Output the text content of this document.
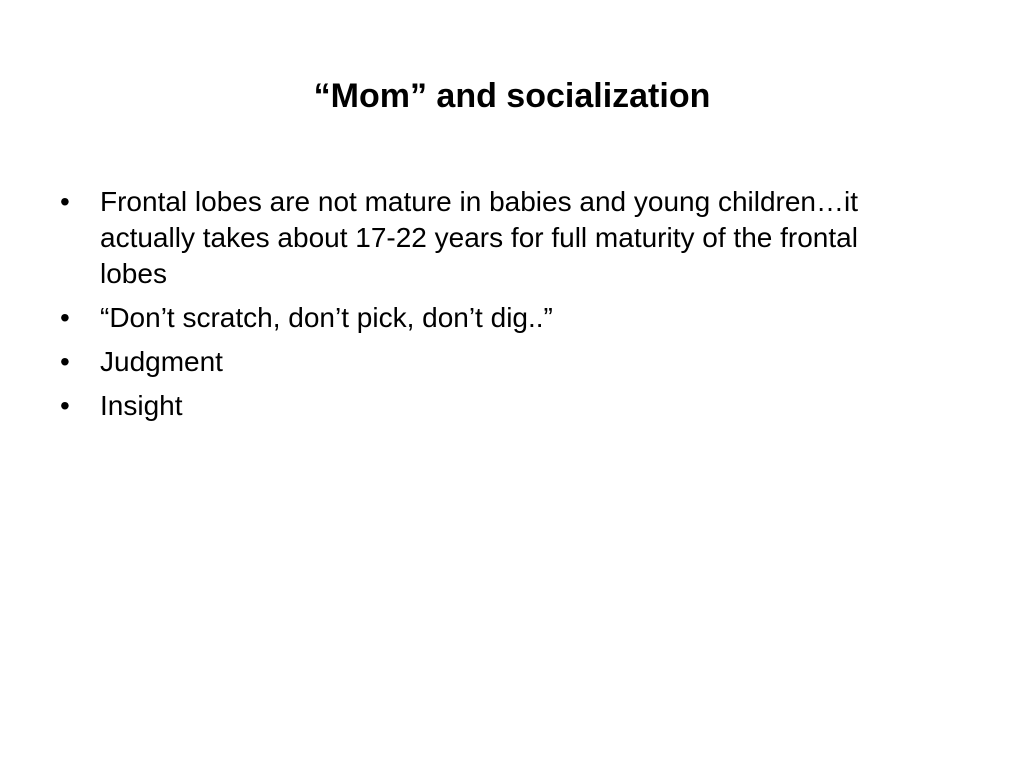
“Mom” and socialization
•	Frontal lobes are not mature in babies and young children…it actually takes about 17-22 years for full maturity of the frontal lobes
•	“Don’t scratch, don’t pick, don’t dig..”
•	Judgment
•	Insight
